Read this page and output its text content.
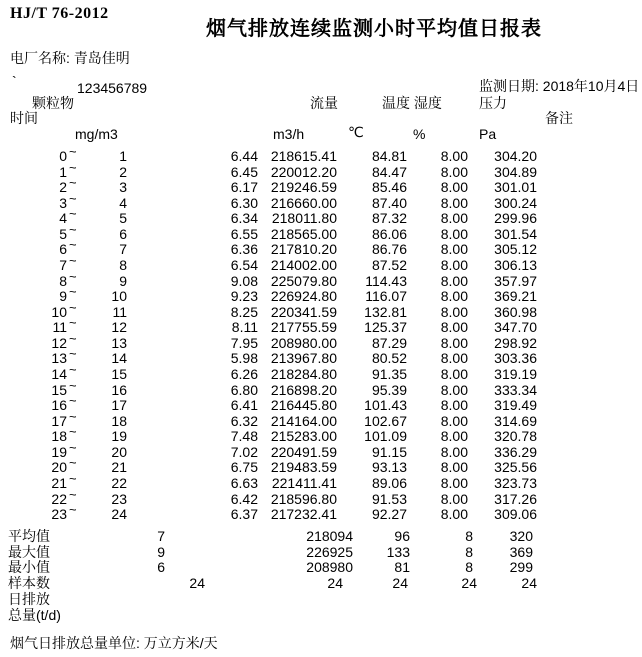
HJ/T 76-2012
烟气排放连续监测小时平均值日报表
电厂名称: 青岛佳明
`	123456789	监测日期: 2018年10月4日
颗粒物	流量	温度 湿度	压力
时间	备注
mg/m3	m3/h	℃	%	Pa
0 ~	1	6.44 218615.41	84.81	8.00	304.20
1 ~	2	6.45 220012.20	84.47	8.00	304.89
2 ~	3	6.17 219246.59	85.46	8.00	301.01
3 ~	4	6.30 216660.00	87.40	8.00	300.24
4 ~	5	6.34 218011.80	87.32	8.00	299.96
5 ~	6	6.55 218565.00	86.06	8.00	301.54
6 ~	7	6.36 217810.20	86.76	8.00	305.12
7 ~	8	6.54 214002.00	87.52	8.00	306.13
8 ~	9	9.08 225079.80	114.43	8.00	357.97
9 ~	10	9.23 226924.80	116.07	8.00	369.21
10 ~	11	8.25 220341.59	132.81	8.00	360.98
11 ~	12	8.11 217755.59	125.37	8.00	347.70
12 ~	13	7.95 208980.00	87.29	8.00	298.92
13 ~	14	5.98 213967.80	80.52	8.00	303.36
14 ~	15	6.26 218284.80	91.35	8.00	319.19
15 ~	16	6.80 216898.20	95.39	8.00	333.34
16 ~	17	6.41 216445.80	101.43	8.00	319.49
17 ~	18	6.32 214164.00	102.67	8.00	314.69
18 ~	19	7.48 215283.00	101.09	8.00	320.78
19 ~	20	7.02 220491.59	91.15	8.00	336.29
20 ~	21	6.75 219483.59	93.13	8.00	325.56
21 ~	22	6.63 221411.41	89.06	8.00	323.73
22 ~	23	6.42 218596.80	91.53	8.00	317.26
23 ~	24	6.37 217232.41	92.27	8.00	309.06
平均值	7	218094	96	8	320
最大值	9	226925	133	8	369
最小值	6	208980	81	8	299
样本数	24	24	24	24	24
日排放
总量(t/d)
烟气日排放总量单位: 万立方米/天
